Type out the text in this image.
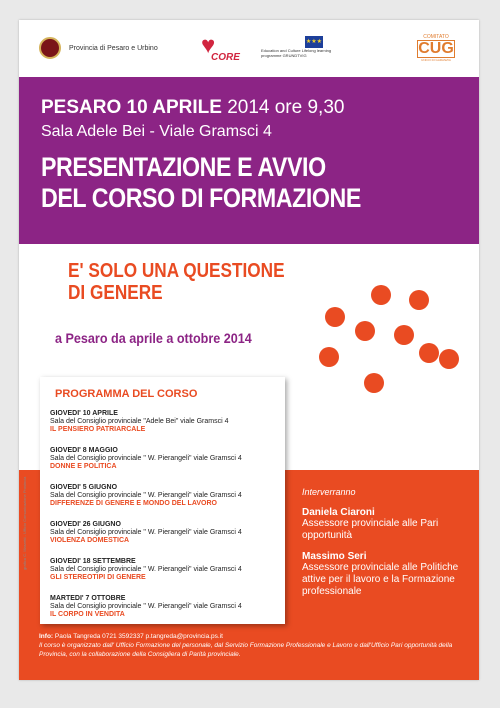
Provincia di Pesaro e Urbino ♥
CORE
★★★
Education and Culture Lifelong learning programme GRUNDTVIG
COMITATO
CUG
UNICO DI GARANZIA
PESARO 10 APRILE 2014 ore 9,30
Sala Adele Bei - Viale Gramsci 4
PRESENTAZIONE E AVVIO
DEL CORSO DI FORMAZIONE
E' SOLO UNA QUESTIONE
DI GENERE
a Pesaro da aprile a ottobre 2014
PROGRAMMA DEL CORSO
GIOVEDI' 10 APRILE
Sala del Consiglio provinciale "Adele Bei" viale Gramsci 4
IL PENSIERO PATRIARCALE
GIOVEDI' 8 MAGGIO
Sala del Consiglio provinciale " W. Pierangeli" viale Gramsci 4
DONNE E POLITICA
GIOVEDI' 5 GIUGNO
Sala del Consiglio provinciale " W. Pierangeli" viale Gramsci 4
DIFFERENZE DI GENERE E MONDO DEL LAVORO
GIOVEDI' 26 GIUGNO
Sala del Consiglio provinciale " W. Pierangeli" viale Gramsci 4
VIOLENZA DOMESTICA
GIOVEDI' 18 SETTEMBRE
Sala del Consiglio provinciale " W. Pierangeli" viale Gramsci 4
GLI STEREOTIPI DI GENERE
MARTEDI' 7 OTTOBRE
Sala del Consiglio provinciale " W. Pierangeli" viale Gramsci 4
IL CORPO IN VENDITA
Interverranno
Daniela Ciaroni
Assessore provinciale alle Pari opportunità
Massimo Seri
Assessore provinciale alle Politiche attive per il lavoro e la Formazione professionale
Info: Paola Tangreda 0721 3592337 p.tangreda@provincia.ps.it
Il corso è organizzato dall' Ufficio Formazione del personale, dal Servizio Formazione Professionale e Lavoro e dall'Ufficio Pari opportunità della Provincia, con la collaborazione della Consigliera di Parità provinciale.
grafica C. Marzetti - Ufficio Comunicazione Provincia
